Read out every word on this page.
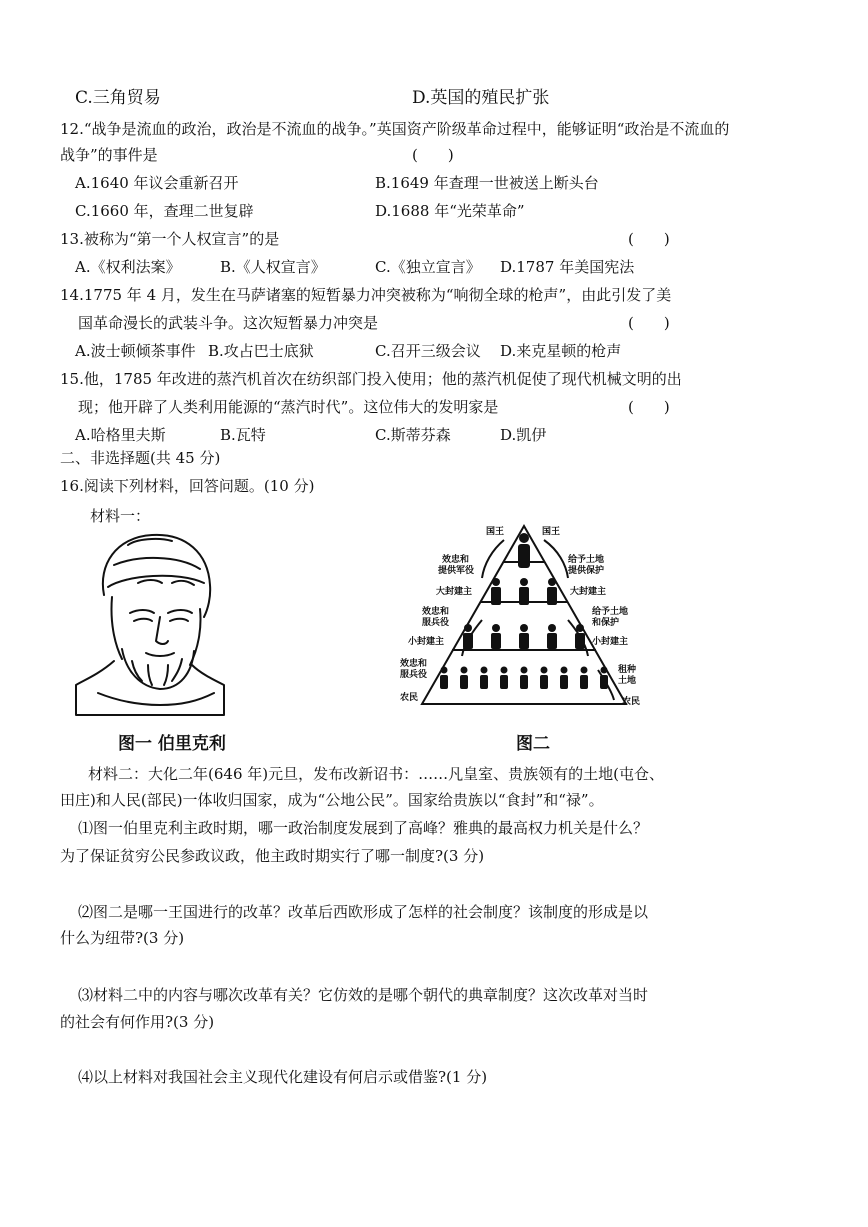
C.三角贸易	D.英国的殖民扩张
12.“战争是流血的政治，政治是不流血的战争。”英国资产阶级革命过程中，能够证明“政治是不流血的
战争”的事件是	(　　)
A.1640 年议会重新召开	B.1649 年查理一世被送上断头台
C.1660 年，查理二世复辟	D.1688 年“光荣革命”
13.被称为“第一个人权宣言”的是	(　　)
A.《权利法案》	B.《人权宣言》	C.《独立宣言》 D.1787 年美国宪法
14.1775 年 4 月，发生在马萨诸塞的短暂暴力冲突被称为“响彻全球的枪声”，由此引发了美
国革命漫长的武装斗争。这次短暂暴力冲突是	(　　)
A.波士顿倾茶事件 B.攻占巴士底狱	C.召开三级会议 D.来克星顿的枪声
15.他，1785 年改进的蒸汽机首次在纺织部门投入使用；他的蒸汽机促使了现代机械文明的出
现；他开辟了人类利用能源的“蒸汽时代”。这位伟大的发明家是	(　　)
A.哈格里夫斯	B.瓦特	C.斯蒂芬森	D.凯伊
二、非选择题(共 45 分)
16.阅读下列材料，回答问题。(10 分)
材料一：
图一 伯里克利
国王	国王
效忠和
提供军役
给予土地
提供保护
大封建主	大封建主
效忠和
服兵役
给予土地
和保护
小封建主	小封建主
效忠和
服兵役	租种
土地
农民	农民
图二
材料二：大化二年(646 年)元旦，发布改新诏书：……凡皇室、贵族领有的土地(屯仓、
田庄)和人民(部民)一体收归国家，成为“公地公民”。国家给贵族以“食封”和“禄”。
⑴图一伯里克利主政时期，哪一政治制度发展到了高峰？雅典的最高权力机关是什么？
为了保证贫穷公民参政议政，他主政时期实行了哪一制度?(3 分)
⑵图二是哪一王国进行的改革？改革后西欧形成了怎样的社会制度？该制度的形成是以
什么为纽带?(3 分)
⑶材料二中的内容与哪次改革有关？它仿效的是哪个朝代的典章制度？这次改革对当时
的社会有何作用?(3 分)
⑷以上材料对我国社会主义现代化建设有何启示或借鉴?(1 分)
